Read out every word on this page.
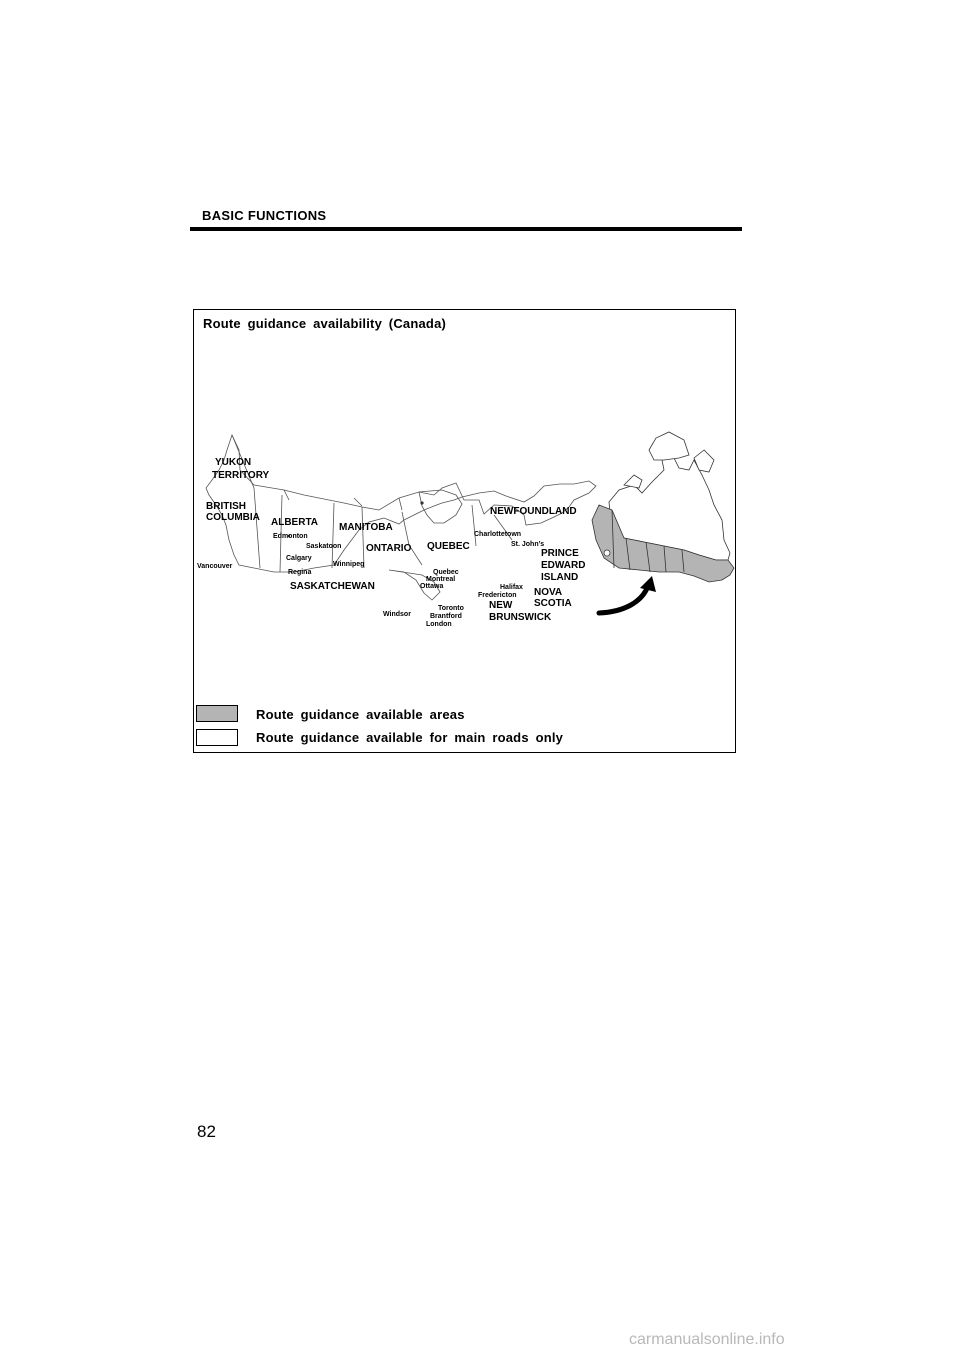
BASIC FUNCTIONS
Route guidance availability (Canada)
YUKON
TERRITORY
BRITISH
COLUMBIA ALBERTA MANITOBA
ONTARIO
SASKATCHEWAN
QUEBEC
NEWFOUNDLAND
PRINCE
EDWARD
ISLAND
NOVA
SCOTIA
NEW
BRUNSWICK
Edmonton
Saskatoon
Calgary
Regina
Vancouver	Winnipeg
Charlottetown
St. John’s
Quebec
Montreal
Ottawa	Halifax
Fredericton
Toronto
Brantford
London
Windsor
Route guidance available areas
Route guidance available for main roads only
82
carmanualsonline.info
